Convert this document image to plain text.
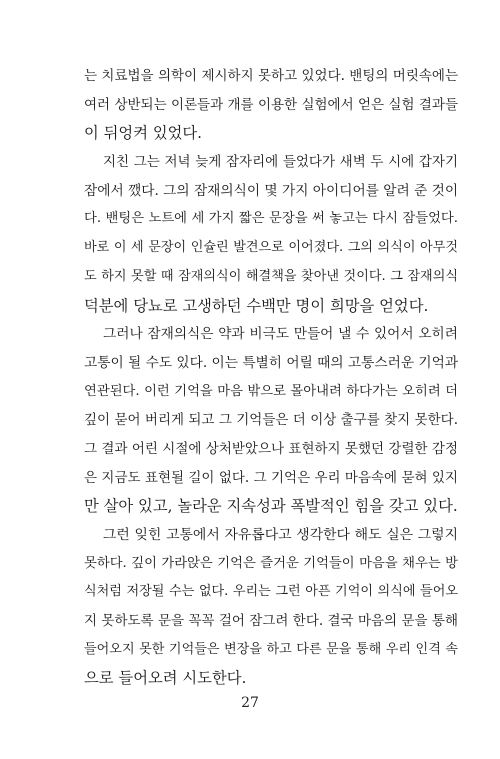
는 치료법을 의학이 제시하지 못하고 있었다. 밴팅의 머릿속에는
여러 상반되는 이론들과 개를 이용한 실험에서 얻은 실험 결과들
이 뒤엉켜 있었다.
지친 그는 저녁 늦게 잠자리에 들었다가 새벽 두 시에 갑자기
잠에서 깼다. 그의 잠재의식이 몇 가지 아이디어를 알려 준 것이
다. 밴팅은 노트에 세 가지 짧은 문장을 써 놓고는 다시 잠들었다.
바로 이 세 문장이 인슐린 발견으로 이어졌다. 그의 의식이 아무것
도 하지 못할 때 잠재의식이 해결책을 찾아낸 것이다. 그 잠재의식
덕분에 당뇨로 고생하던 수백만 명이 희망을 얻었다.
그러나 잠재의식은 약과 비극도 만들어 낼 수 있어서 오히려
고통이 될 수도 있다. 이는 특별히 어릴 때의 고통스러운 기억과
연관된다. 이런 기억을 마음 밖으로 몰아내려 하다가는 오히려 더
깊이 묻어 버리게 되고 그 기억들은 더 이상 출구를 찾지 못한다.
그 결과 어린 시절에 상처받았으나 표현하지 못했던 강렬한 감정
은 지금도 표현될 길이 없다. 그 기억은 우리 마음속에 묻혀 있지
만 살아 있고, 놀라운 지속성과 폭발적인 힘을 갖고 있다.
그런 잊힌 고통에서 자유롭다고 생각한다 해도 실은 그렇지
못하다. 깊이 가라앉은 기억은 즐거운 기억들이 마음을 채우는 방
식처럼 저장될 수는 없다. 우리는 그런 아픈 기억이 의식에 들어오
지 못하도록 문을 꼭꼭 걸어 잠그려 한다. 결국 마음의 문을 통해
들어오지 못한 기억들은 변장을 하고 다른 문을 통해 우리 인격 속
으로 들어오려 시도한다.
27
